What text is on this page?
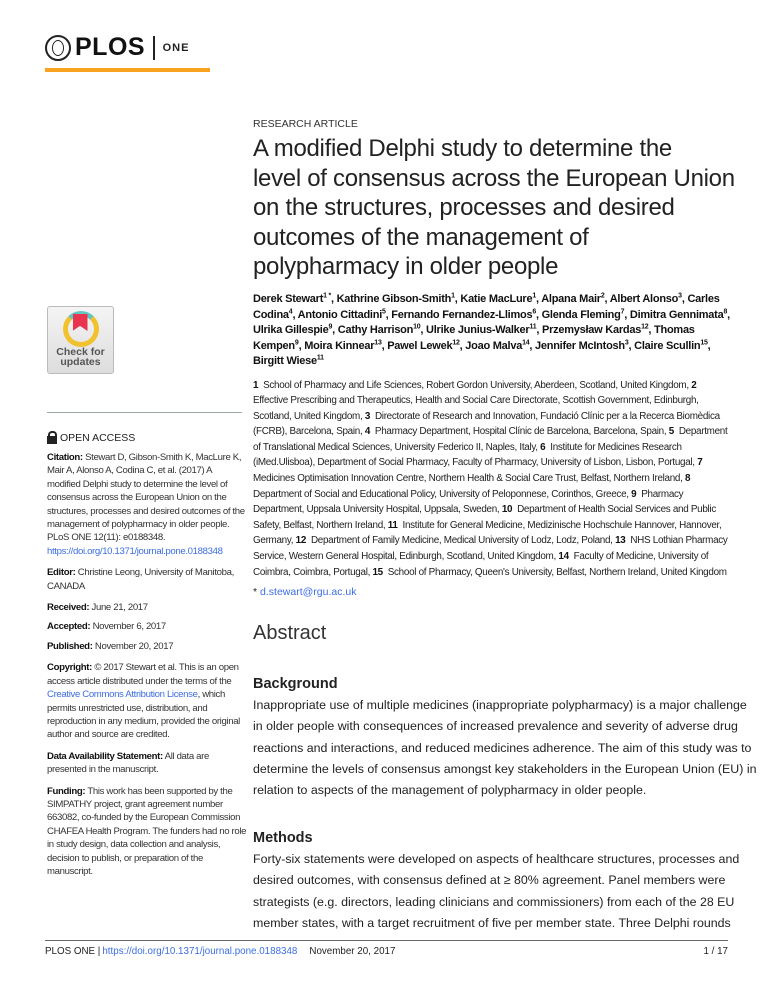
PLOS ONE
Check for
updates
OPEN ACCESS
Citation: Stewart D, Gibson-Smith K, MacLure K, Mair A, Alonso A, Codina C, et al. (2017) A modified Delphi study to determine the level of consensus across the European Union on the structures, processes and desired outcomes of the management of polypharmacy in older people. PLoS ONE 12(11): e0188348. https://doi.org/10.1371/journal.pone.0188348
Editor: Christine Leong, University of Manitoba, CANADA
Received: June 21, 2017
Accepted: November 6, 2017
Published: November 20, 2017
Copyright: © 2017 Stewart et al. This is an open access article distributed under the terms of the Creative Commons Attribution License, which permits unrestricted use, distribution, and reproduction in any medium, provided the original author and source are credited.
Data Availability Statement: All data are presented in the manuscript.
Funding: This work has been supported by the SIMPATHY project, grant agreement number 663082, co-funded by the European Commission CHAFEA Health Program. The funders had no role in study design, data collection and analysis, decision to publish, or preparation of the manuscript.
RESEARCH ARTICLE
A modified Delphi study to determine the
level of consensus across the European Union
on the structures, processes and desired
outcomes of the management of
polypharmacy in older people
Derek Stewart$^{1 *}$, Kathrine Gibson-Smith$^1$, Katie MacLure$^1$, Alpana Mair$^2$, Albert Alonso$^3$, Carles Codina$^4$, Antonio Cittadini$^5$, Fernando Fernandez-Llimos$^6$, Glenda Fleming$^7$, Dimitra Gennimata$^8$, Ulrika Gillespie$^9$, Cathy Harrison$^{10}$, Ulrike Junius-Walker$^{11}$, Przemysław Kardas$^{12}$, Thomas Kempen$^9$, Moira Kinnear$^{13}$, Pawel Lewek$^{12}$, Joao Malva$^{14}$, Jennifer McIntosh$^3$, Claire Scullin$^{15}$, Birgitt Wiese$^{11}$
1  School of Pharmacy and Life Sciences, Robert Gordon University, Aberdeen, Scotland, United Kingdom, 2  Effective Prescribing and Therapeutics, Health and Social Care Directorate, Scottish Government, Edinburgh, Scotland, United Kingdom, 3  Directorate of Research and Innovation, Fundació Clínic per a la Recerca Biomèdica (FCRB), Barcelona, Spain, 4  Pharmacy Department, Hospital Clínic de Barcelona, Barcelona, Spain, 5  Department of Translational Medical Sciences, University Federico II, Naples, Italy, 6  Institute for Medicines Research (iMed.Ulisboa), Department of Social Pharmacy, Faculty of Pharmacy, University of Lisbon, Lisbon, Portugal, 7  Medicines Optimisation Innovation Centre, Northern Health & Social Care Trust, Belfast, Northern Ireland, 8  Department of Social and Educational Policy, University of Peloponnese, Corinthos, Greece, 9  Pharmacy Department, Uppsala University Hospital, Uppsala, Sweden, 10  Department of Health Social Services and Public Safety, Belfast, Northern Ireland, 11  Institute for General Medicine, Medizinische Hochschule Hannover, Hannover, Germany, 12  Department of Family Medicine, Medical University of Lodz, Lodz, Poland, 13  NHS Lothian Pharmacy Service, Western General Hospital, Edinburgh, Scotland, United Kingdom, 14  Faculty of Medicine, University of Coimbra, Coimbra, Portugal, 15  School of Pharmacy, Queen's University, Belfast, Northern Ireland, United Kingdom
* d.stewart@rgu.ac.uk
Abstract
Background
Inappropriate use of multiple medicines (inappropriate polypharmacy) is a major challenge
in older people with consequences of increased prevalence and severity of adverse drug
reactions and interactions, and reduced medicines adherence. The aim of this study was to
determine the levels of consensus amongst key stakeholders in the European Union (EU) in
relation to aspects of the management of polypharmacy in older people.
Methods
Forty-six statements were developed on aspects of healthcare structures, processes and
desired outcomes, with consensus defined at ≥ 80% agreement. Panel members were
strategists (e.g. directors, leading clinicians and commissioners) from each of the 28 EU
member states, with a target recruitment of five per member state. Three Delphi rounds
PLOS ONE | https://doi.org/10.1371/journal.pone.0188348 November 20, 2017	1 / 17
